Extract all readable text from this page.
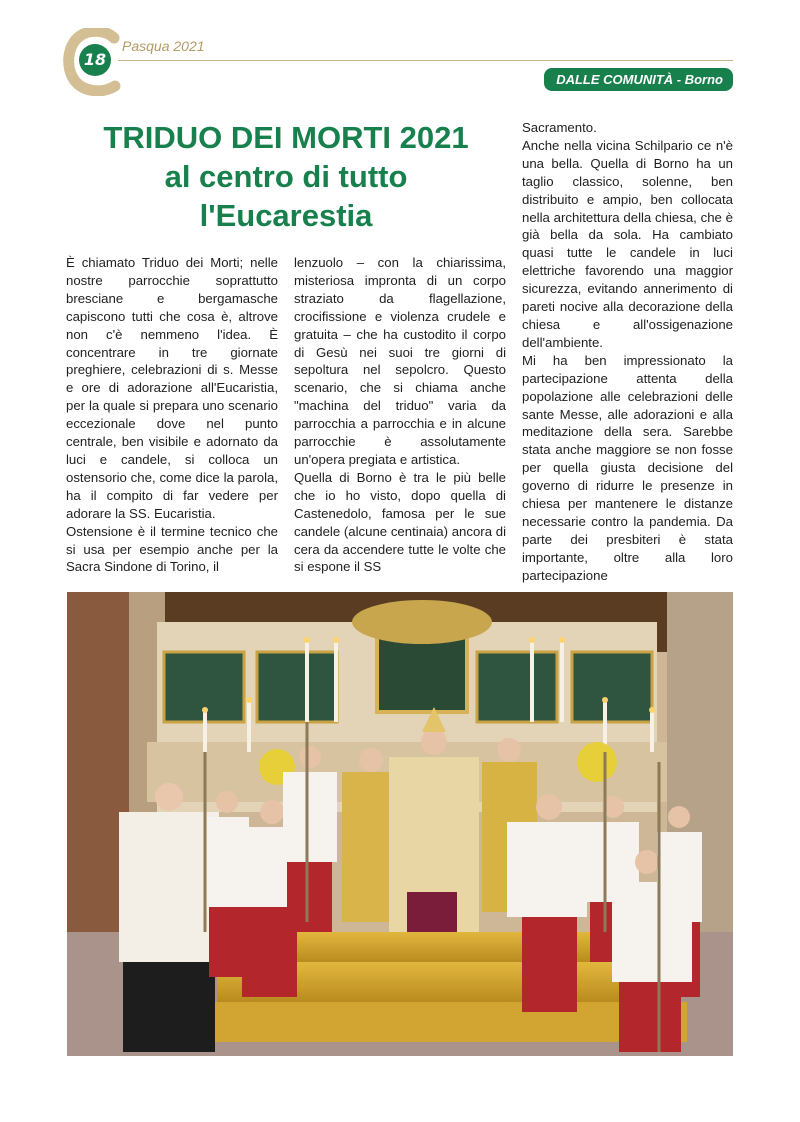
18
Pasqua 2021
DALLE COMUNITÀ - Borno
TRIDUO DEI MORTI 2021
al centro di tutto
l'Eucarestia

È chiamato Triduo dei Morti; nelle nostre parrocchie soprattutto bresciane e bergamasche capiscono tutti che cosa è, altrove non c'è nemmeno l'idea. È concentrare in tre giornate preghiere, celebrazioni di s. Messe e ore di adorazione all'Eucaristia, per la quale si prepara uno scenario eccezionale dove nel punto centrale, ben visibile e adornato da luci e candele, si colloca un ostensorio che, come dice la parola, ha il compito di far vedere per adorare la SS. Eucaristia.

Ostensione è il termine tecnico che si usa per esempio anche per la Sacra Sindone di Torino, il

lenzuolo – con la chiarissima, misteriosa impronta di un corpo straziato da flagellazione, crocifissione e violenza crudele e gratuita – che ha custodito il corpo di Gesù nei suoi tre giorni di sepoltura nel sepolcro. Questo scenario, che si chiama anche "machina del triduo" varia da parrocchia a parrocchia e in alcune parrocchie è assolutamente un'opera pregiata e artistica.

Quella di Borno è tra le più belle che io ho visto, dopo quella di Castenedolo, famosa per le sue candele (alcune centinaia) ancora di cera da accendere tutte le volte che si espone il SS

Sacramento.

Anche nella vicina Schilpario ce n'è una bella. Quella di Borno ha un taglio classico, solenne, ben distribuito e ampio, ben collocata nella architettura della chiesa, che è già bella da sola. Ha cambiato quasi tutte le candele in luci elettriche favorendo una maggior sicurezza, evitando annerimento di pareti nocive alla decorazione della chiesa e all'ossigenazione dell'ambiente.

Mi ha ben impressionato la partecipazione attenta della popolazione alle celebrazioni delle sante Messe, alle adorazioni e alla meditazione della sera. Sarebbe stata anche maggiore se non fosse per quella giusta decisione del governo di ridurre le presenze in chiesa per mantenere le distanze necessarie contro la pandemia. Da parte dei presbiteri è stata importante, oltre alla loro partecipazione
